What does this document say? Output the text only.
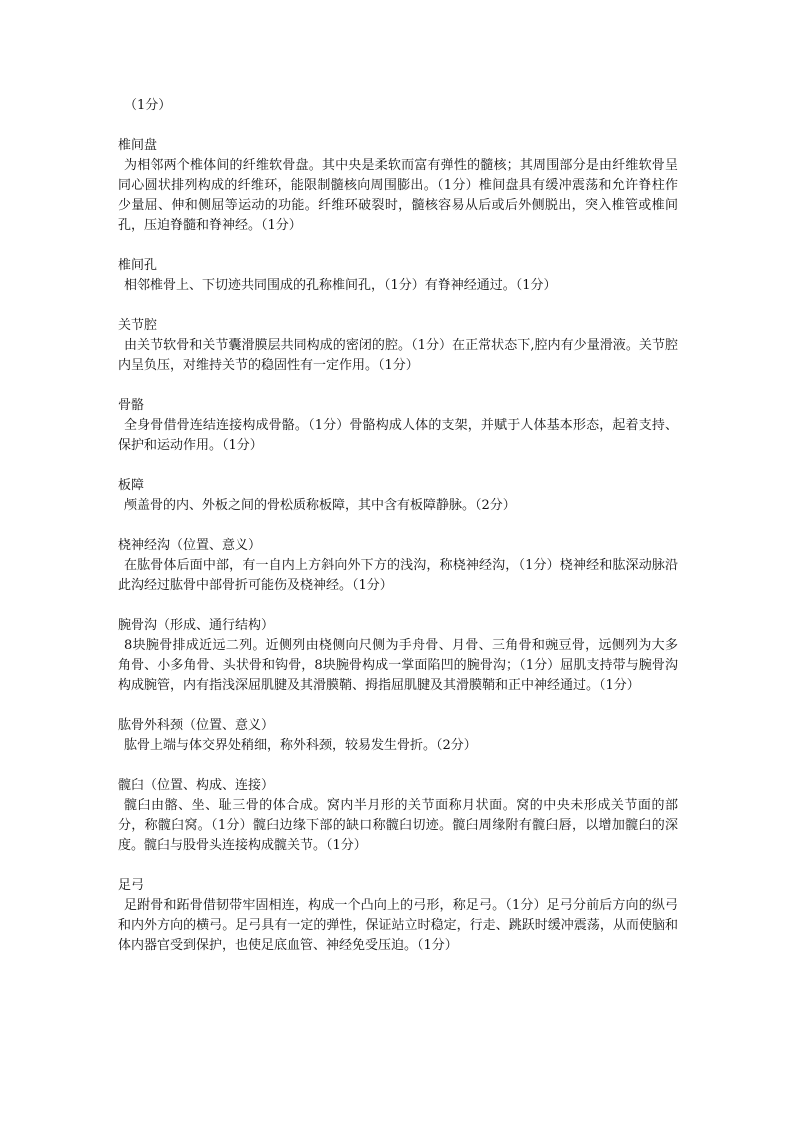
（1分）

椎间盘

为相邻两个椎体间的纤维软骨盘。其中央是柔软而富有弹性的髓核；其周围部分是由纤维软骨呈同心圆状排列构成的纤维环，能限制髓核向周围膨出。（1分）椎间盘具有缓冲震荡和允许脊柱作少量屈、伸和侧屈等运动的功能。纤维环破裂时，髓核容易从后或后外侧脱出，突入椎管或椎间孔，压迫脊髓和脊神经。（1分）

椎间孔

相邻椎骨上、下切迹共同围成的孔称椎间孔，（1分）有脊神经通过。（1分）

关节腔

由关节软骨和关节囊滑膜层共同构成的密闭的腔。（1分）在正常状态下,腔内有少量滑液。关节腔内呈负压，对维持关节的稳固性有一定作用。（1分）

骨骼

全身骨借骨连结连接构成骨骼。（1分）骨骼构成人体的支架，并赋于人体基本形态，起着支持、保护和运动作用。（1分）

板障

颅盖骨的内、外板之间的骨松质称板障，其中含有板障静脉。（2分）

桡神经沟（位置、意义）

在肱骨体后面中部，有一自内上方斜向外下方的浅沟，称桡神经沟，（1分）桡神经和肱深动脉沿此沟经过肱骨中部骨折可能伤及桡神经。（1分）

腕骨沟（形成、通行结构）

8块腕骨排成近远二列。近侧列由桡侧向尺侧为手舟骨、月骨、三角骨和豌豆骨，远侧列为大多角骨、小多角骨、头状骨和钩骨，8块腕骨构成一掌面陷凹的腕骨沟；（1分）屈肌支持带与腕骨沟构成腕管，内有指浅深屈肌腱及其滑膜鞘、拇指屈肌腱及其滑膜鞘和正中神经通过。（1分）

肱骨外科颈（位置、意义）

肱骨上端与体交界处稍细，称外科颈，较易发生骨折。（2分）

髋臼（位置、构成、连接）

髋臼由髂、坐、耻三骨的体合成。窝内半月形的关节面称月状面。窝的中央未形成关节面的部分，称髋臼窝。（1分）髋臼边缘下部的缺口称髋臼切迹。髋臼周缘附有髋臼唇，以增加髋臼的深度。髋臼与股骨头连接构成髋关节。（1分）

足弓

足跗骨和跖骨借韧带牢固相连，构成一个凸向上的弓形，称足弓。（1分）足弓分前后方向的纵弓和内外方向的横弓。足弓具有一定的弹性，保证站立时稳定，行走、跳跃时缓冲震荡，从而使脑和体内器官受到保护，也使足底血管、神经免受压迫。（1分）
